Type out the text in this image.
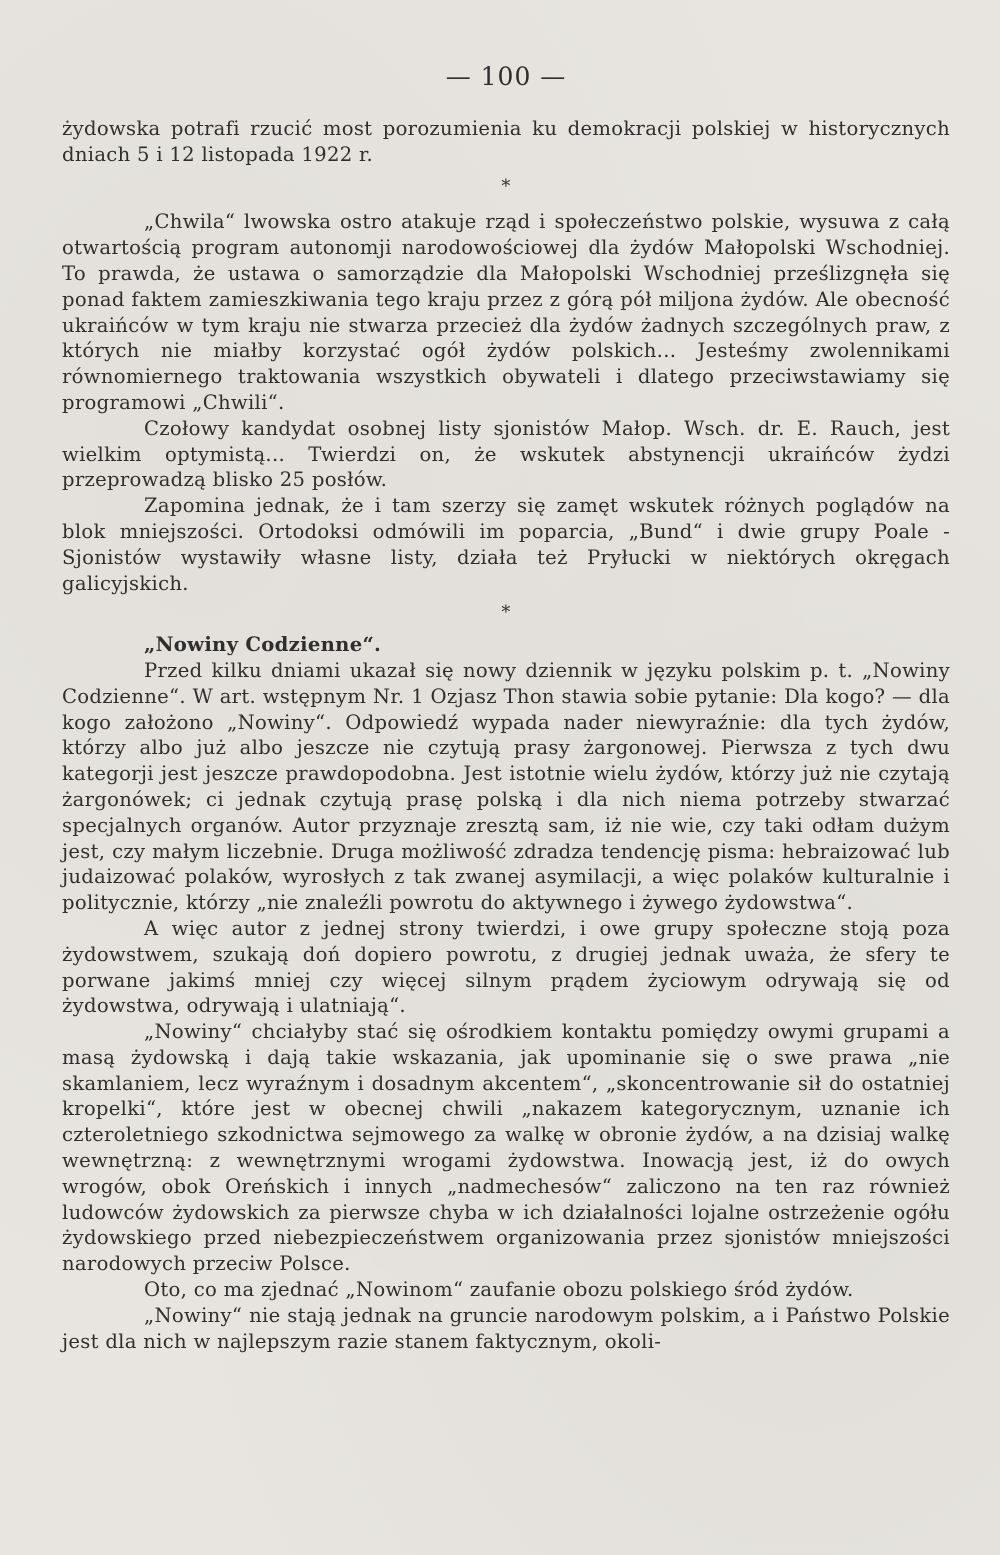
— 100 —

żydowska potrafi rzucić most porozumienia ku demokracji polskiej w historycznych dniach 5 i 12 listopada 1922 r.

*

„Chwila“ lwowska ostro atakuje rząd i społeczeństwo polskie, wysuwa z całą otwartością program autonomji narodowościowej dla żydów Małopolski Wschodniej. To prawda, że ustawa o samorządzie dla Małopolski Wschodniej prześlizgnęła się ponad faktem zamieszkiwania tego kraju przez z górą pół miljona żydów. Ale obecność ukraińców w tym kraju nie stwarza przecież dla żydów żadnych szczególnych praw, z których nie miałby korzystać ogół żydów polskich... Jesteśmy zwolennikami równomiernego traktowania wszystkich obywateli i dlatego przeciwstawiamy się programowi „Chwili“.

Czołowy kandydat osobnej listy sjonistów Małop. Wsch. dr. E. Rauch, jest wielkim optymistą... Twierdzi on, że wskutek abstynencji ukraińców żydzi przeprowadzą blisko 25 posłów.

Zapomina jednak, że i tam szerzy się zamęt wskutek różnych poglądów na blok mniejszości. Ortodoksi odmówili im poparcia, „Bund“ i dwie grupy Poale - Sjonistów wystawiły własne listy, działa też Pryłucki w niektórych okręgach galicyjskich.

*

„Nowiny Codzienne“.

Przed kilku dniami ukazał się nowy dziennik w języku polskim p. t. „Nowiny Codzienne“. W art. wstępnym Nr. 1 Ozjasz Thon stawia sobie pytanie: Dla kogo? — dla kogo założono „Nowiny“. Odpowiedź wypada nader niewyraźnie: dla tych żydów, którzy albo już albo jeszcze nie czytują prasy żargonowej. Pierwsza z tych dwu kategorji jest jeszcze prawdopodobna. Jest istotnie wielu żydów, którzy już nie czytają żargonówek; ci jednak czytują prasę polską i dla nich niema potrzeby stwarzać specjalnych organów. Autor przyznaje zresztą sam, iż nie wie, czy taki odłam dużym jest, czy małym liczebnie. Druga możliwość zdradza tendencję pisma: hebraizować lub judaizować polaków, wyrosłych z tak zwanej asymilacji, a więc polaków kulturalnie i politycznie, którzy „nie znaleźli powrotu do aktywnego i żywego żydowstwa“.

A więc autor z jednej strony twierdzi, i owe grupy społeczne stoją poza żydowstwem, szukają doń dopiero powrotu, z drugiej jednak uważa, że sfery te porwane jakimś mniej czy więcej silnym prądem życiowym odrywają się od żydowstwa, odrywają i ulatniają“.

„Nowiny“ chciałyby stać się ośrodkiem kontaktu pomiędzy owymi grupami a masą żydowską i dają takie wskazania, jak upominanie się o swe prawa „nie skamlaniem, lecz wyraźnym i dosadnym akcentem“, „skoncentrowanie sił do ostatniej kropelki“, które jest w obecnej chwili „nakazem kategorycznym, uznanie ich czteroletniego szkodnictwa sejmowego za walkę w obronie żydów, a na dzisiaj walkę wewnętrzną: z wewnętrznymi wrogami żydowstwa. Inowacją jest, iż do owych wrogów, obok Oreńskich i innych „nadmechesów“ zaliczono na ten raz również ludowców żydowskich za pierwsze chyba w ich działalności lojalne ostrzeżenie ogółu żydowskiego przed niebezpieczeństwem organizowania przez sjonistów mniejszości narodowych przeciw Polsce.

Oto, co ma zjednać „Nowinom“ zaufanie obozu polskiego śród żydów.

„Nowiny“ nie stają jednak na gruncie narodowym polskim, a i Państwo Polskie jest dla nich w najlepszym razie stanem faktycznym, okoli-
